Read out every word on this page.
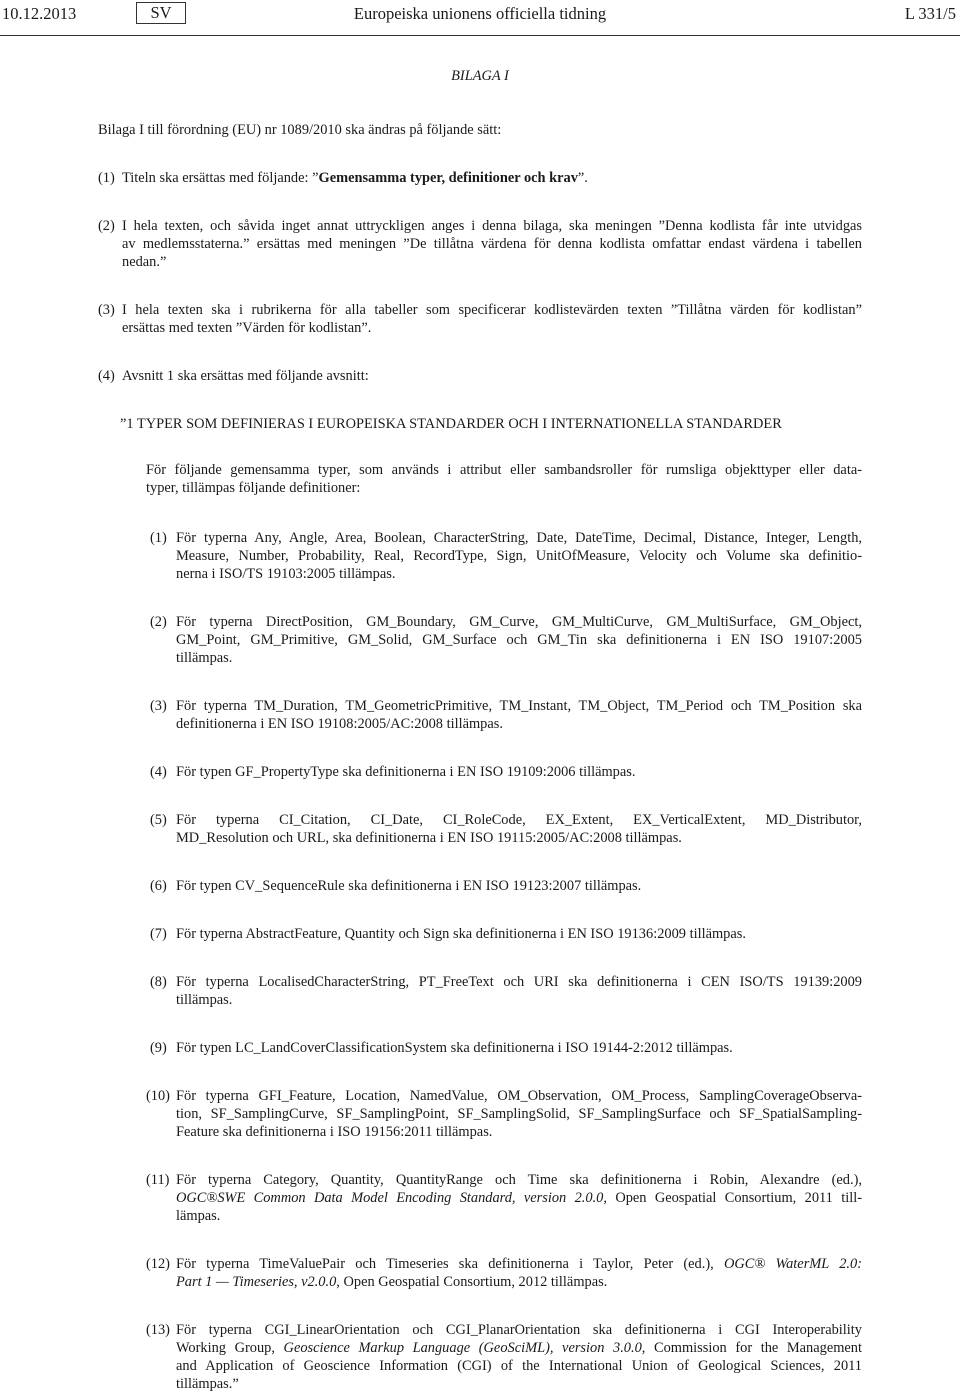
10.12.2013	SV	Europeiska unionens officiella tidning	L 331/5
BILAGA I
Bilaga I till förordning (EU) nr 1089/2010 ska ändras på följande sätt:
(1) Titeln ska ersättas med följande: ”Gemensamma typer, definitioner och krav”.
(2) I hela texten, och såvida inget annat uttryckligen anges i denna bilaga, ska meningen ”Denna kodlista får inte utvidgas
av medlemsstaterna.” ersättas med meningen ”De tillåtna värdena för denna kodlista omfattar endast värdena i tabellen
nedan.”
(3) I hela texten ska i rubrikerna för alla tabeller som specificerar kodlistevärden texten ”Tillåtna värden för kodlistan”
ersättas med texten ”Värden för kodlistan”.
(4) Avsnitt 1 ska ersättas med följande avsnitt:
”1 TYPER SOM DEFINIERAS I EUROPEISKA STANDARDER OCH I INTERNATIONELLA STANDARDER
För följande gemensamma typer, som används i attribut eller sambandsroller för rumsliga objekttyper eller data-
typer, tillämpas följande definitioner:
(1) För typerna Any, Angle, Area, Boolean, CharacterString, Date, DateTime, Decimal, Distance, Integer, Length,
Measure, Number, Probability, Real, RecordType, Sign, UnitOfMeasure, Velocity och Volume ska definitio-
nerna i ISO/TS 19103:2005 tillämpas.
(2) För typerna DirectPosition, GM_Boundary, GM_Curve, GM_MultiCurve, GM_MultiSurface, GM_Object,
GM_Point, GM_Primitive, GM_Solid, GM_Surface och GM_Tin ska definitionerna i EN ISO 19107:2005
tillämpas.
(3) För typerna TM_Duration, TM_GeometricPrimitive, TM_Instant, TM_Object, TM_Period och TM_Position ska
definitionerna i EN ISO 19108:2005/AC:2008 tillämpas.
(4) För typen GF_PropertyType ska definitionerna i EN ISO 19109:2006 tillämpas.
(5) För typerna CI_Citation, CI_Date, CI_RoleCode, EX_Extent, EX_VerticalExtent, MD_Distributor,
MD_Resolution och URL, ska definitionerna i EN ISO 19115:2005/AC:2008 tillämpas.
(6) För typen CV_SequenceRule ska definitionerna i EN ISO 19123:2007 tillämpas.
(7) För typerna AbstractFeature, Quantity och Sign ska definitionerna i EN ISO 19136:2009 tillämpas.
(8) För typerna LocalisedCharacterString, PT_FreeText och URI ska definitionerna i CEN ISO/TS 19139:2009
tillämpas.
(9) För typen LC_LandCoverClassificationSystem ska definitionerna i ISO 19144-2:2012 tillämpas.
(10) För typerna GFI_Feature, Location, NamedValue, OM_Observation, OM_Process, SamplingCoverageObserva-
tion, SF_SamplingCurve, SF_SamplingPoint, SF_SamplingSolid, SF_SamplingSurface och SF_SpatialSampling-
Feature ska definitionerna i ISO 19156:2011 tillämpas.
(11) För typerna Category, Quantity, QuantityRange och Time ska definitionerna i Robin, Alexandre (ed.),
OGC®SWE Common Data Model Encoding Standard, version 2.0.0, Open Geospatial Consortium, 2011 till-
lämpas.
(12) För typerna TimeValuePair och Timeseries ska definitionerna i Taylor, Peter (ed.), OGC® WaterML 2.0:
Part 1 — Timeseries, v2.0.0, Open Geospatial Consortium, 2012 tillämpas.
(13) För typerna CGI_LinearOrientation och CGI_PlanarOrientation ska definitionerna i CGI Interoperability
Working Group, Geoscience Markup Language (GeoSciML), version 3.0.0, Commission for the Management
and Application of Geoscience Information (CGI) of the International Union of Geological Sciences, 2011
tillämpas.”
